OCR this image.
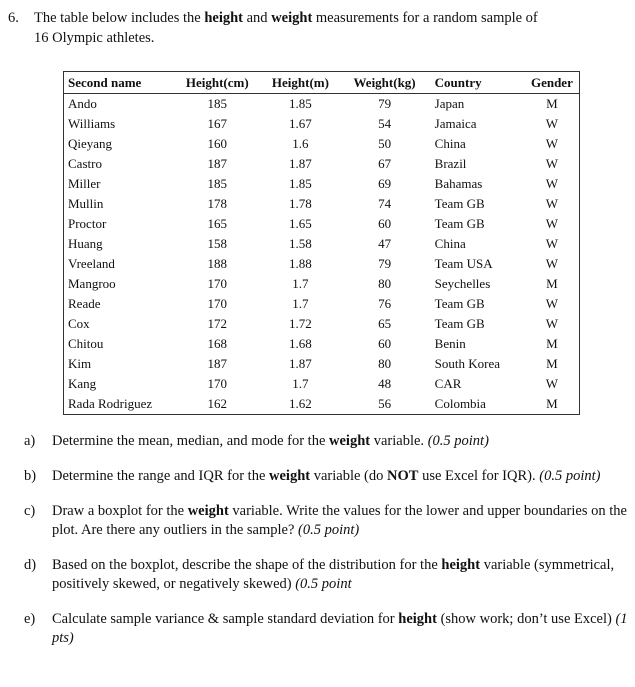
6. The table below includes the height and weight measurements for a random sample of
16 Olympic athletes.
Second name	Height(cm)	Height(m)	Weight(kg)	Country	Gender
Ando	185	1.85	79	Japan	M
Williams	167	1.67	54	Jamaica	W
Qieyang	160	1.6	50	China	W
Castro	187	1.87	67	Brazil	W
Miller	185	1.85	69	Bahamas	W
Mullin	178	1.78	74	Team GB	W
Proctor	165	1.65	60	Team GB	W
Huang	158	1.58	47	China	W
Vreeland	188	1.88	79	Team USA	W
Mangroo	170	1.7	80	Seychelles	M
Reade	170	1.7	76	Team GB	W
Cox	172	1.72	65	Team GB	W
Chitou	168	1.68	60	Benin	M
Kim	187	1.87	80	South Korea	M
Kang	170	1.7	48	CAR	W
Rada Rodriguez	162	1.62	56	Colombia	M
a)	Determine the mean, median, and mode for the weight variable. (0.5 point)
b)	Determine the range and IQR for the weight variable (do NOT use Excel for IQR). (0.5 point)
c)	Draw a boxplot for the weight variable. Write the values for the lower and upper boundaries on the plot. Are there any outliers in the sample? (0.5 point)
d)	Based on the boxplot, describe the shape of the distribution for the height variable (symmetrical, positively skewed, or negatively skewed) (0.5 point
e)	Calculate sample variance & sample standard deviation for height (show work; don’t use Excel) (1 pts)
